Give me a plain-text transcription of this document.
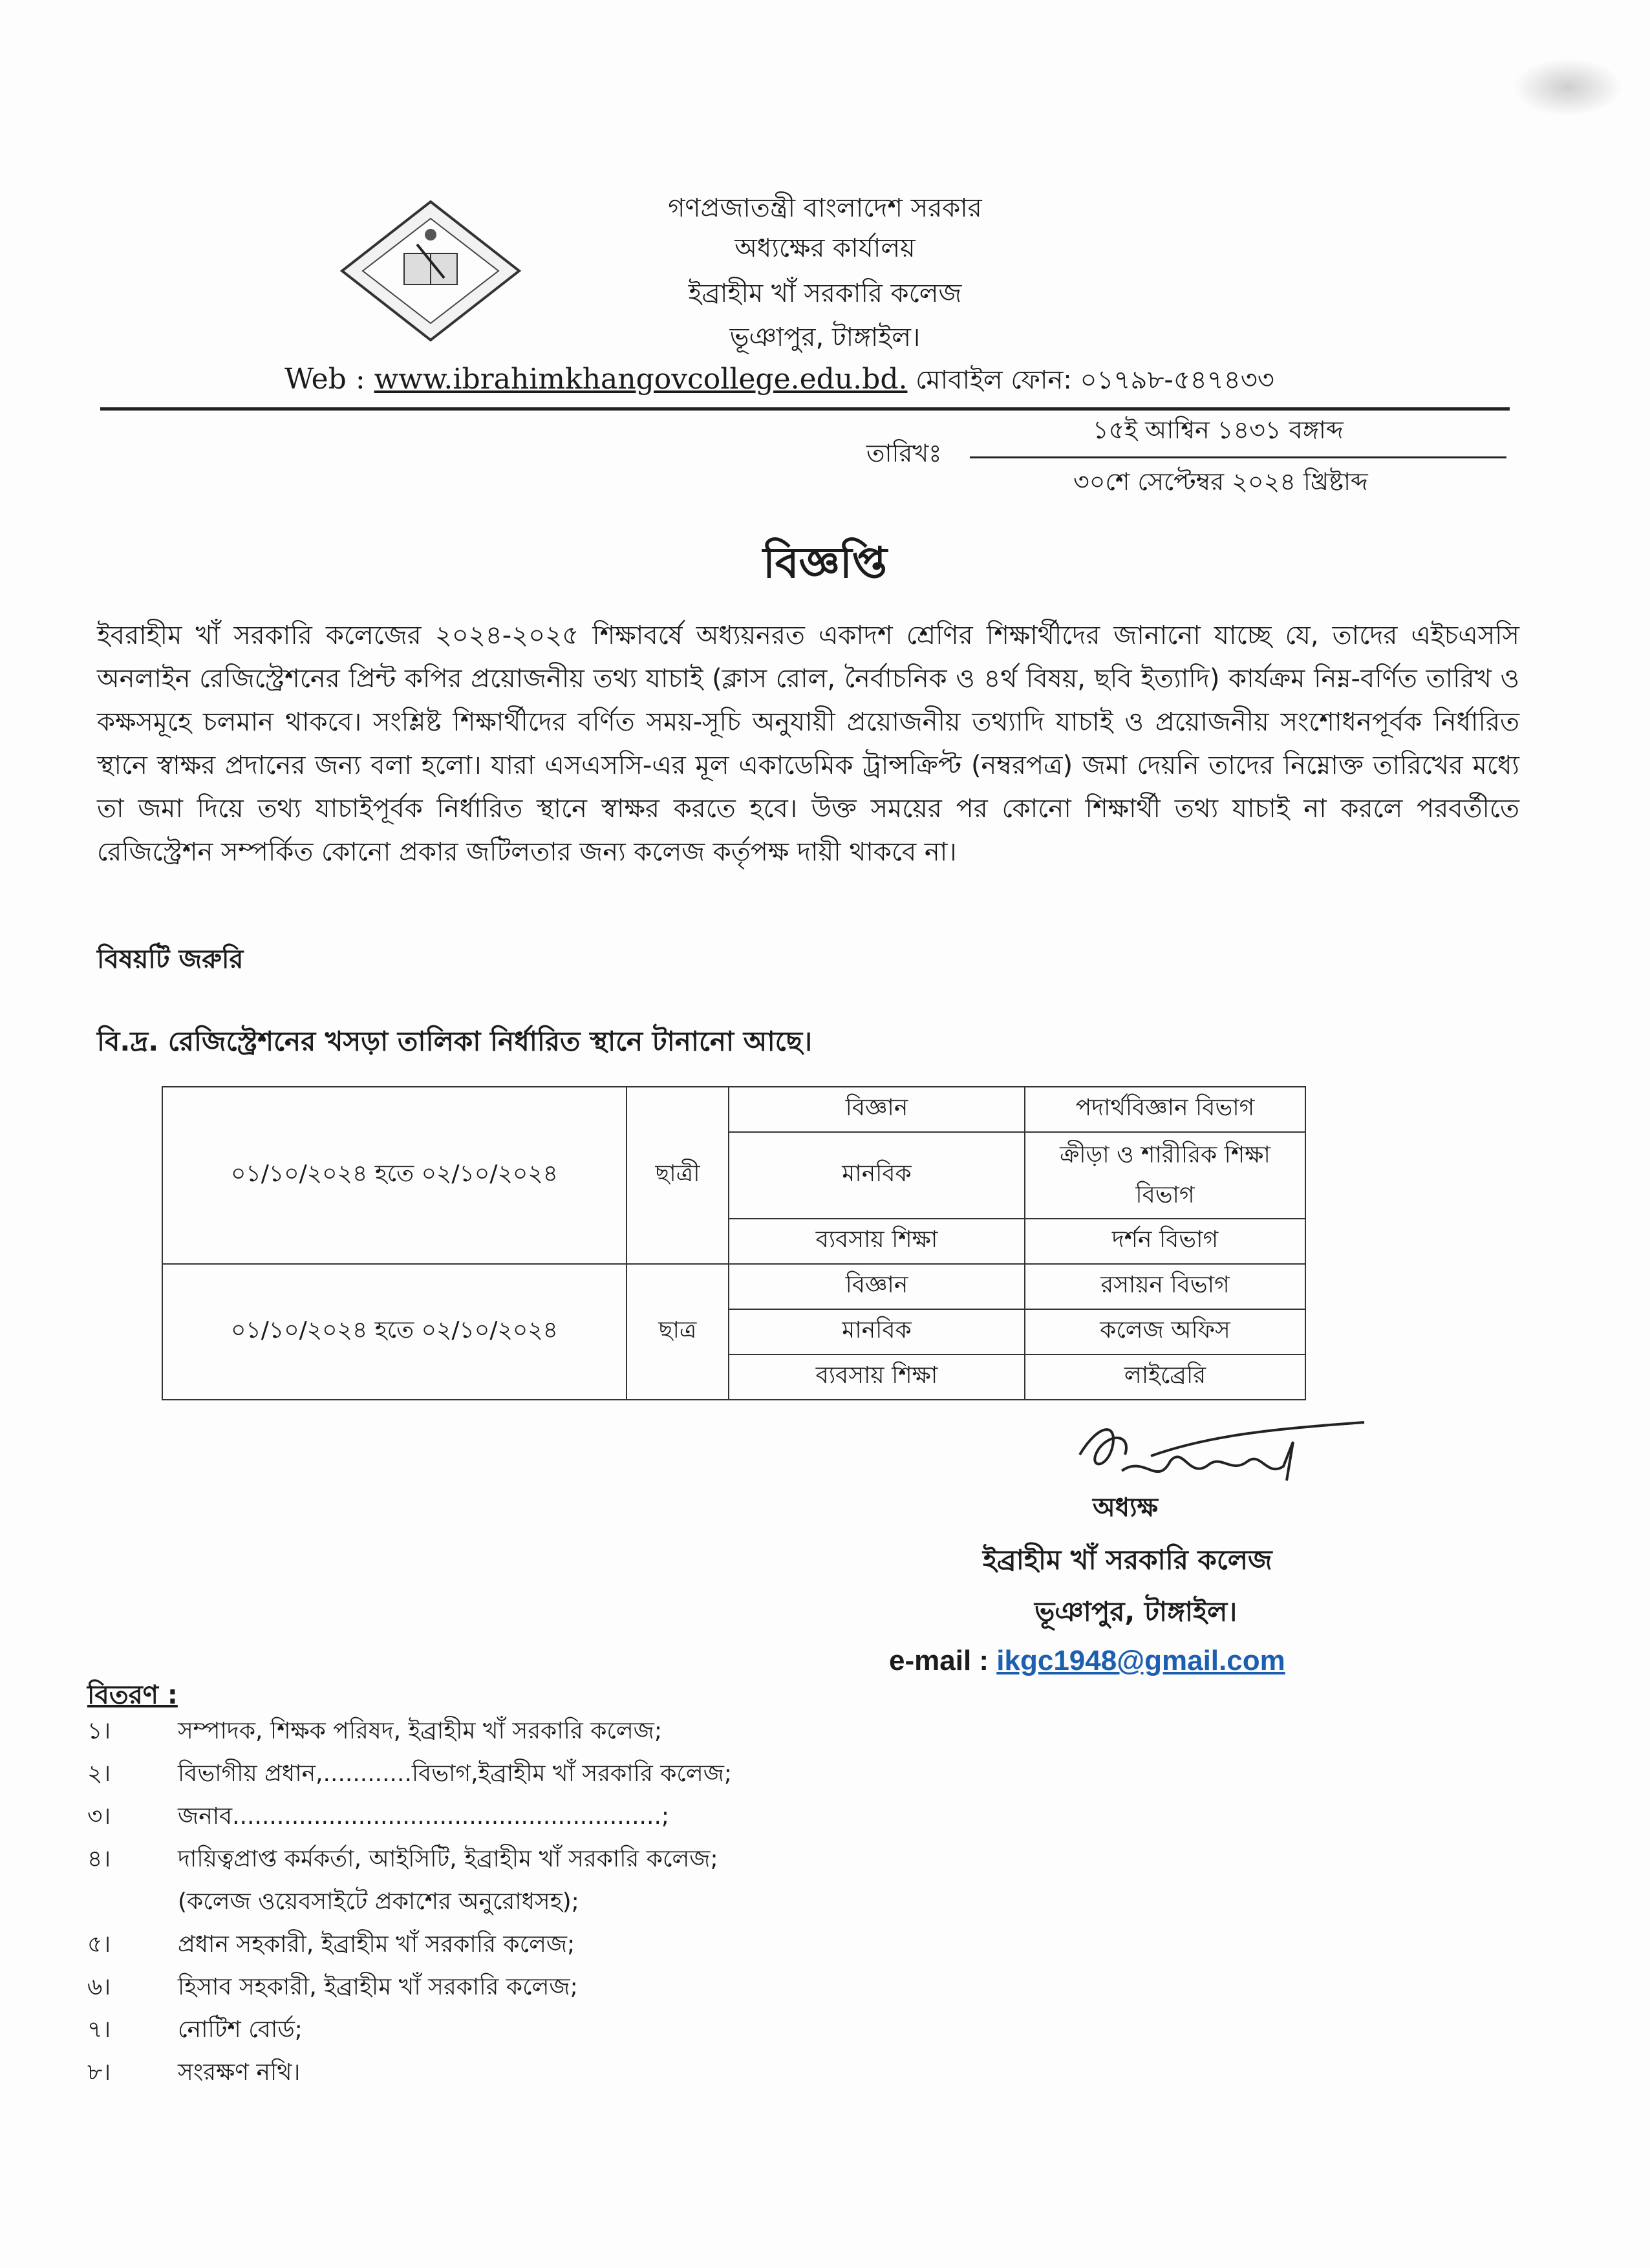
গণপ্রজাতন্ত্রী বাংলাদেশ সরকার
অধ্যক্ষের কার্যালয়
ইব্রাহীম খাঁ সরকারি কলেজ
ভূঞাপুর, টাঙ্গাইল।
Web : www.ibrahimkhangovcollege.edu.bd. মোবাইল ফোন: ০১৭৯৮-৫৪৭৪৩৩
১৫ই আশ্বিন ১৪৩১ বঙ্গাব্দ
তারিখঃ
৩০শে সেপ্টেম্বর ২০২৪ খ্রিষ্টাব্দ
বিজ্ঞপ্তি
ইবরাহীম খাঁ সরকারি কলেজের ২০২৪-২০২৫ শিক্ষাবর্ষে অধ্যয়নরত একাদশ শ্রেণির শিক্ষার্থীদের জানানো যাচ্ছে যে, তাদের এইচএসসি অনলাইন রেজিস্ট্রেশনের প্রিন্ট কপির প্রয়োজনীয় তথ্য যাচাই (ক্লাস রোল, নৈর্বাচনিক ও ৪র্থ বিষয়, ছবি ইত্যাদি) কার্যক্রম নিম্ন-বর্ণিত তারিখ ও কক্ষসমূহে চলমান থাকবে। সংশ্লিষ্ট শিক্ষার্থীদের বর্ণিত সময়-সূচি অনুযায়ী প্রয়োজনীয় তথ্যাদি যাচাই ও প্রয়োজনীয় সংশোধনপূর্বক নির্ধারিত স্থানে স্বাক্ষর প্রদানের জন্য বলা হলো। যারা এসএসসি-এর মূল একাডেমিক ট্রান্সক্রিপ্ট (নম্বরপত্র) জমা দেয়নি তাদের নিম্নোক্ত তারিখের মধ্যে তা জমা দিয়ে তথ্য যাচাইপূর্বক নির্ধারিত স্থানে স্বাক্ষর করতে হবে। উক্ত সময়ের পর কোনো শিক্ষার্থী তথ্য যাচাই না করলে পরবর্তীতে রেজিস্ট্রেশন সম্পর্কিত কোনো প্রকার জটিলতার জন্য কলেজ কর্তৃপক্ষ দায়ী থাকবে না।
বিষয়টি জরুরি
বি.দ্র. রেজিস্ট্রেশনের খসড়া তালিকা নির্ধারিত স্থানে টানানো আছে।
০১/১০/২০২৪ হতে ০২/১০/২০২৪	ছাত্রী	বিজ্ঞান	পদার্থবিজ্ঞান বিভাগ
		মানবিক	ক্রীড়া ও শারীরিক শিক্ষা বিভাগ
		ব্যবসায় শিক্ষা	দর্শন বিভাগ
০১/১০/২০২৪ হতে ০২/১০/২০২৪	ছাত্র	বিজ্ঞান	রসায়ন বিভাগ
		মানবিক	কলেজ অফিস
		ব্যবসায় শিক্ষা	লাইব্রেরি
অধ্যক্ষ
ইব্রাহীম খাঁ সরকারি কলেজ
ভূঞাপুর, টাঙ্গাইল।
e-mail : ikgc1948@gmail.com
বিতরণ :
১।	সম্পাদক, শিক্ষক পরিষদ, ইব্রাহীম খাঁ সরকারি কলেজ;
২।	বিভাগীয় প্রধান,............বিভাগ,ইব্রাহীম খাঁ সরকারি কলেজ;
৩।	জনাব..........................................................;
৪।	দায়িত্বপ্রাপ্ত কর্মকর্তা, আইসিটি, ইব্রাহীম খাঁ সরকারি কলেজ;
(কলেজ ওয়েবসাইটে প্রকাশের অনুরোধসহ);
৫।	প্রধান সহকারী, ইব্রাহীম খাঁ সরকারি কলেজ;
৬।	হিসাব সহকারী, ইব্রাহীম খাঁ সরকারি কলেজ;
৭।	নোটিশ বোর্ড;
৮।	সংরক্ষণ নথি।
